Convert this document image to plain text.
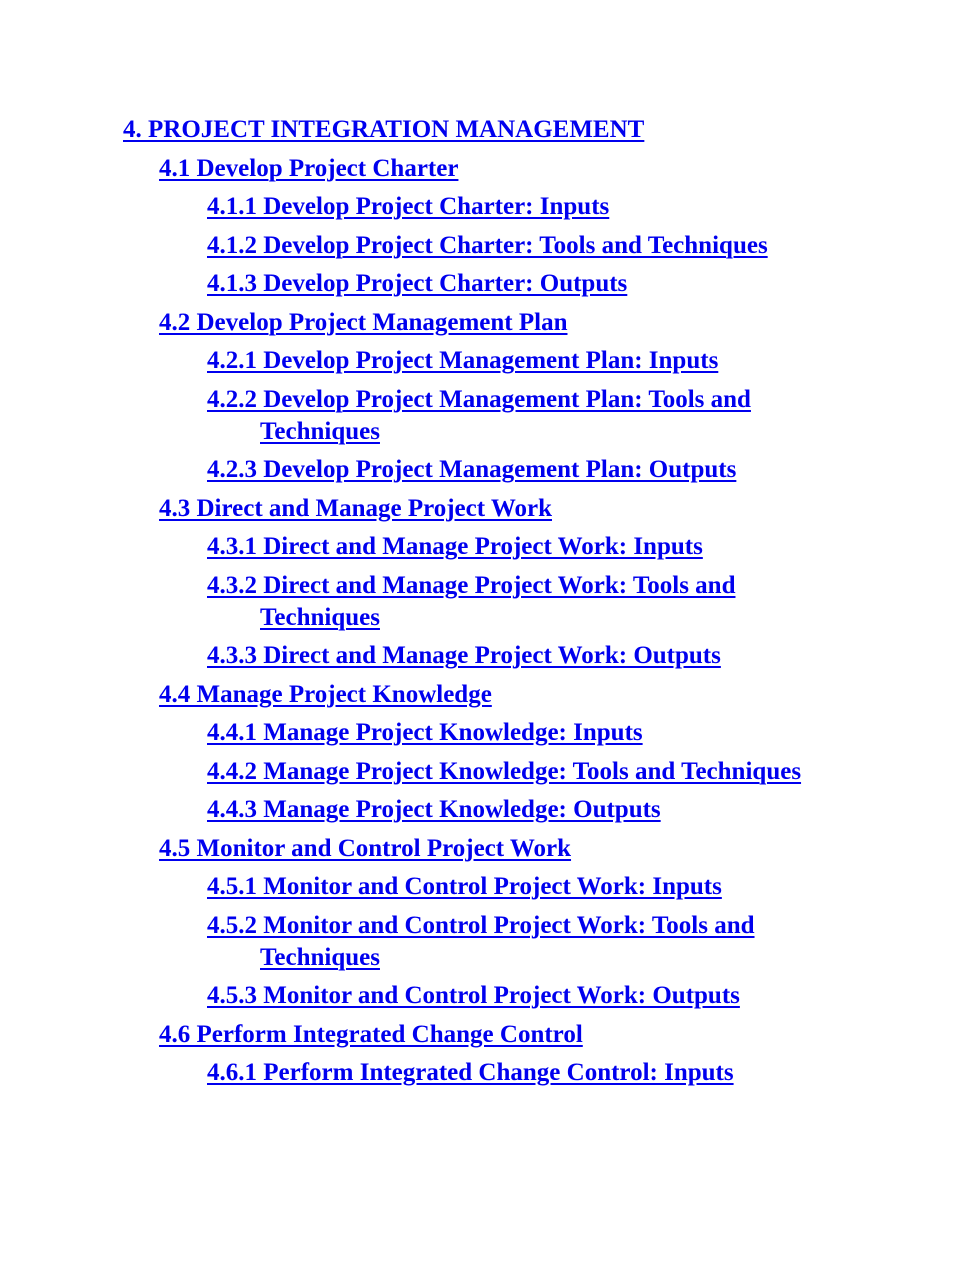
4. PROJECT INTEGRATION MANAGEMENT
4.1 Develop Project Charter
4.1.1 Develop Project Charter: Inputs
4.1.2 Develop Project Charter: Tools and Techniques
4.1.3 Develop Project Charter: Outputs
4.2 Develop Project Management Plan
4.2.1 Develop Project Management Plan: Inputs
4.2.2 Develop Project Management Plan: Tools and Techniques
4.2.3 Develop Project Management Plan: Outputs
4.3 Direct and Manage Project Work
4.3.1 Direct and Manage Project Work: Inputs
4.3.2 Direct and Manage Project Work: Tools and Techniques
4.3.3 Direct and Manage Project Work: Outputs
4.4 Manage Project Knowledge
4.4.1 Manage Project Knowledge: Inputs
4.4.2 Manage Project Knowledge: Tools and Techniques
4.4.3 Manage Project Knowledge: Outputs
4.5 Monitor and Control Project Work
4.5.1 Monitor and Control Project Work: Inputs
4.5.2 Monitor and Control Project Work: Tools and Techniques
4.5.3 Monitor and Control Project Work: Outputs
4.6 Perform Integrated Change Control
4.6.1 Perform Integrated Change Control: Inputs
